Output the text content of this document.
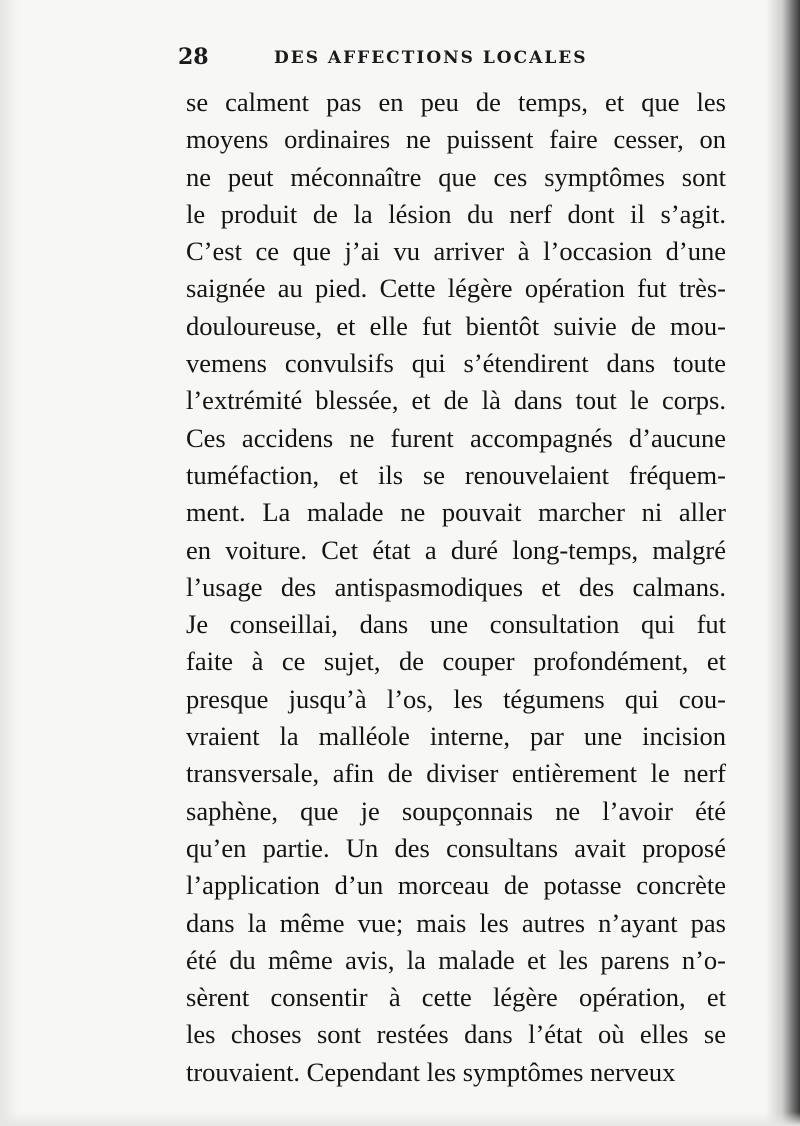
28	DES AFFECTIONS LOCALES
se calment pas en peu de temps, et que les
moyens ordinaires ne puissent faire cesser, on
ne peut méconnaître que ces symptômes sont
le produit de la lésion du nerf dont il s’agit.
C’est ce que j’ai vu arriver à l’occasion d’une
saignée au pied. Cette légère opération fut très-
douloureuse, et elle fut bientôt suivie de mou-
vemens convulsifs qui s’étendirent dans toute
l’extrémité blessée, et de là dans tout le corps.
Ces accidens ne furent accompagnés d’aucune
tuméfaction, et ils se renouvelaient fréquem-
ment. La malade ne pouvait marcher ni aller
en voiture. Cet état a duré long-temps, malgré
l’usage des antispasmodiques et des calmans.
Je conseillai, dans une consultation qui fut
faite à ce sujet, de couper profondément, et
presque jusqu’à l’os, les tégumens qui cou-
vraient la malléole interne, par une incision
transversale, afin de diviser entièrement le nerf
saphène, que je soupçonnais ne l’avoir été
qu’en partie. Un des consultans avait proposé
l’application d’un morceau de potasse concrète
dans la même vue; mais les autres n’ayant pas
été du même avis, la malade et les parens n’o-
sèrent consentir à cette légère opération, et
les choses sont restées dans l’état où elles se
trouvaient. Cependant les symptômes nerveux
